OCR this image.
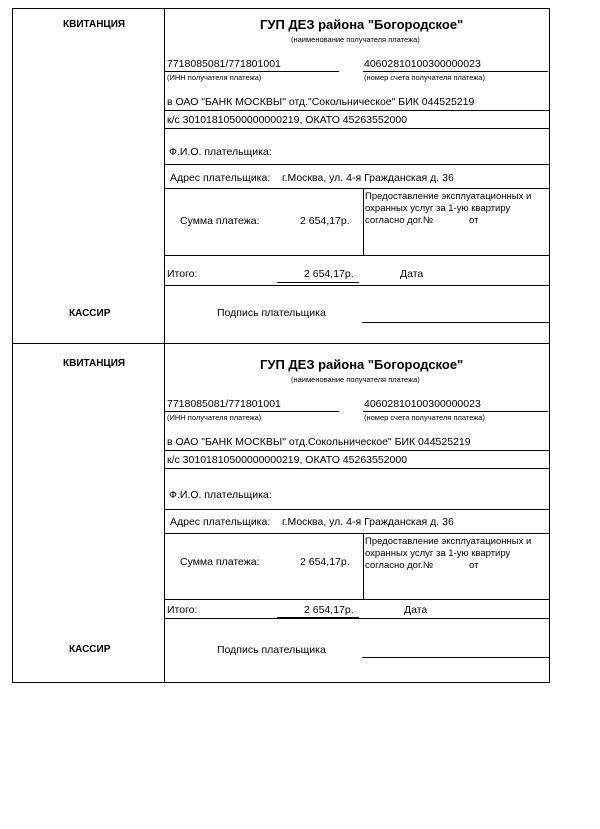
КВИТАНЦИЯ
КАССИР
ГУП ДЕЗ района "Богородское"
(наименование получателя платежа)
7718085081/771801001	40602810100300000023
(ИНН получателя платежа)	(номер счета получателя платежа)
в ОАО "БАНК МОСКВЫ" отд."Сокольническое" БИК 044525219
к/с 30101810500000000219, ОКАТО 45263552000
Ф.И.О. плательщика:
Адрес плательщика: г.Москва, ул. 4-я Гражданская д. 36
Сумма платежа:	2 654,17р.
Предоставление эксплуатационных и охранных услуг за 1-ую квартиру согласно дог.№	от
Итого:	2 654,17р.	Дата
Подпись плательщика
КВИТАНЦИЯ
КАССИР
ГУП ДЕЗ района "Богородское"
(наименование получателя платежа)
7718085081/771801001	40602810100300000023
(ИНН получателя платежа)	(номер счета получателя платежа)
в ОАО "БАНК МОСКВЫ" отд.Сокольническое" БИК 044525219
к/с 30101810500000000219, ОКАТО 45263552000
Ф.И.О. плательщика:
Адрес плательщика: г.Москва, ул. 4-я Гражданская д. 36
Сумма платежа:	2 654,17р.
Предоставление эксплуатационных и охранных услуг за 1-ую квартиру согласно дог.№	от
Итого:	2 654,17р.	Дата
Подпись плательщика
